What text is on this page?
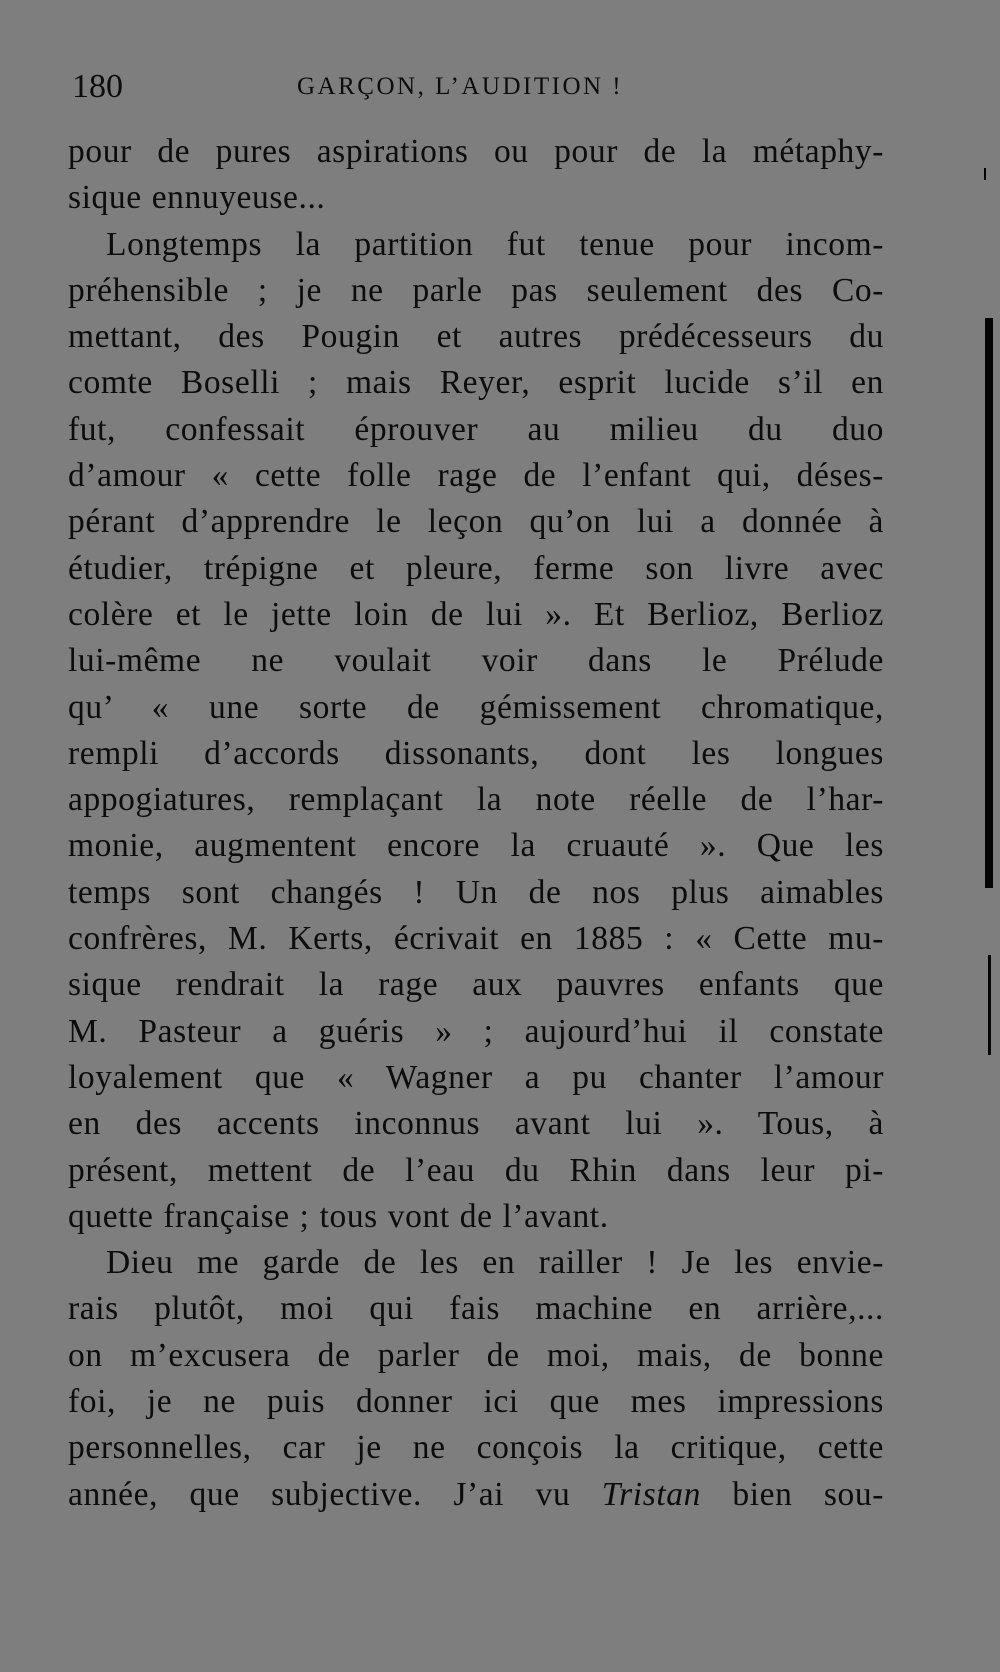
180	GARÇON, L’AUDITION !
pour de pures aspirations ou pour de la métaphy-
sique ennuyeuse...
Longtemps la partition fut tenue pour incom-
préhensible ; je ne parle pas seulement des Co-
mettant, des Pougin et autres prédécesseurs du
comte Boselli ; mais Reyer, esprit lucide s’il en
fut, confessait éprouver au milieu du duo
d’amour « cette folle rage de l’enfant qui, déses-
pérant d’apprendre le leçon qu’on lui a donnée à
étudier, trépigne et pleure, ferme son livre avec
colère et le jette loin de lui ». Et Berlioz, Berlioz
lui-même ne voulait voir dans le Prélude
qu’ « une sorte de gémissement chromatique,
rempli d’accords dissonants, dont les longues
appogiatures, remplaçant la note réelle de l’har-
monie, augmentent encore la cruauté ». Que les
temps sont changés ! Un de nos plus aimables
confrères, M. Kerts, écrivait en 1885 : « Cette mu-
sique rendrait la rage aux pauvres enfants que
M. Pasteur a guéris » ; aujourd’hui il constate
loyalement que « Wagner a pu chanter l’amour
en des accents inconnus avant lui ». Tous, à
présent, mettent de l’eau du Rhin dans leur pi-
quette française ; tous vont de l’avant.
Dieu me garde de les en railler ! Je les envie-
rais plutôt, moi qui fais machine en arrière,...
on m’excusera de parler de moi, mais, de bonne
foi, je ne puis donner ici que mes impressions
personnelles, car je ne conçois la critique, cette
année, que subjective. J’ai vu Tristan bien sou-
